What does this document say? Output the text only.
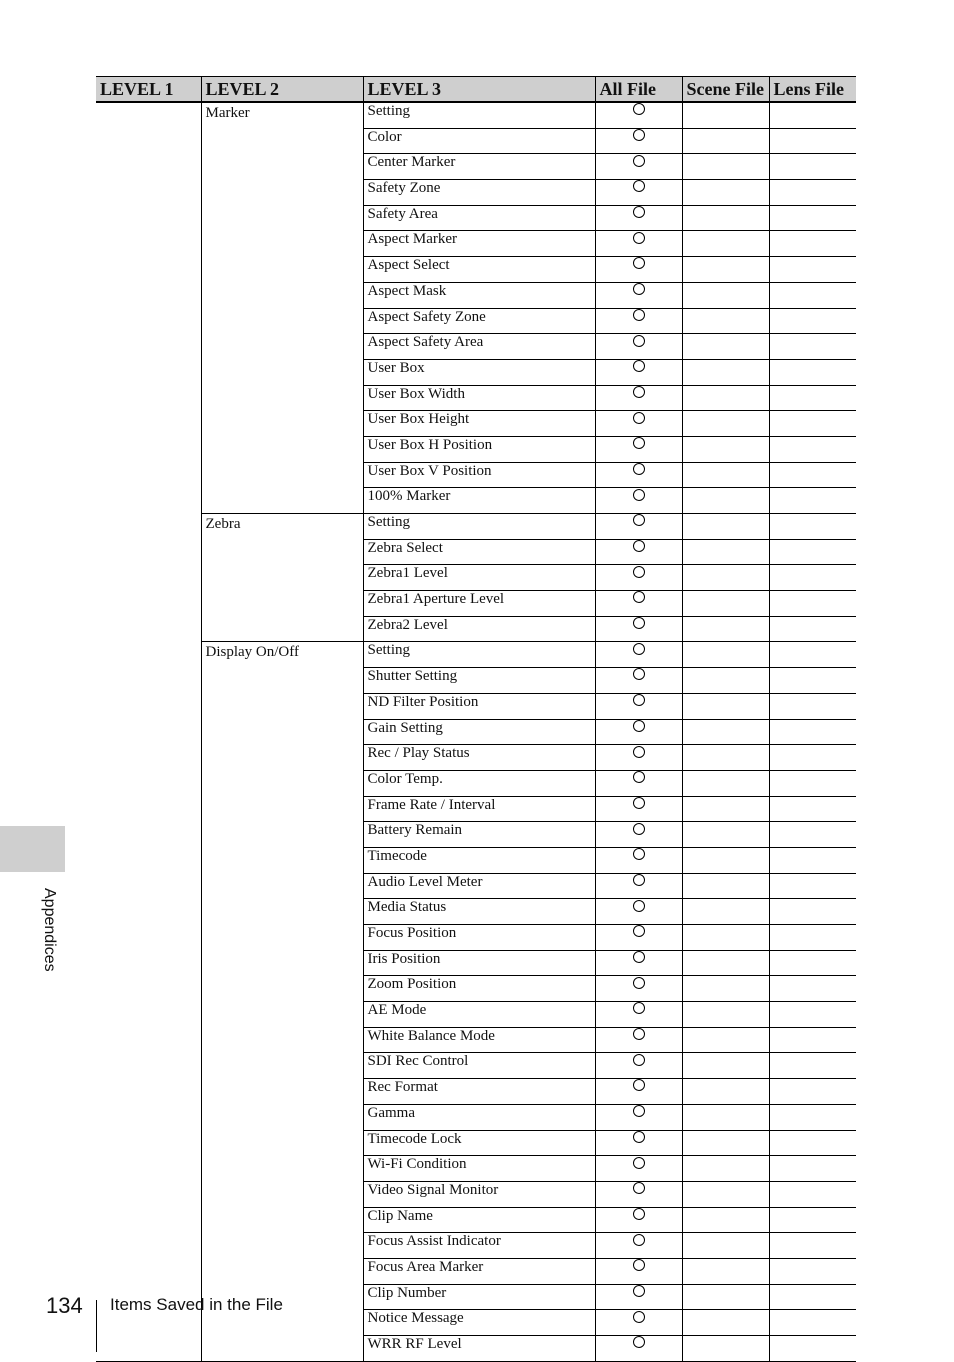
LEVEL 1	LEVEL 2	LEVEL 3	All File	Scene File	Lens File
	Marker	Setting			
		Color			
		Center Marker			
		Safety Zone			
		Safety Area			
		Aspect Marker			
		Aspect Select			
		Aspect Mask			
		Aspect Safety Zone			
		Aspect Safety Area			
		User Box			
		User Box Width			
		User Box Height			
		User Box H Position			
		User Box V Position			
		100% Marker			
	Zebra	Setting			
		Zebra Select			
		Zebra1 Level			
		Zebra1 Aperture Level			
		Zebra2 Level			
	Display On/Off	Setting			
		Shutter Setting			
		ND Filter Position			
		Gain Setting			
		Rec / Play Status			
		Color Temp.			
		Frame Rate / Interval			
		Battery Remain			
		Timecode			
		Audio Level Meter			
		Media Status			
		Focus Position			
		Iris Position			
		Zoom Position			
		AE Mode			
		White Balance Mode			
		SDI Rec Control			
		Rec Format			
		Gamma			
		Timecode Lock			
		Wi-Fi Condition			
		Video Signal Monitor			
		Clip Name			
		Focus Assist Indicator			
		Focus Area Marker			
		Clip Number			
		Notice Message			
		WRR RF Level			
Appendices
134 Items Saved in the File
